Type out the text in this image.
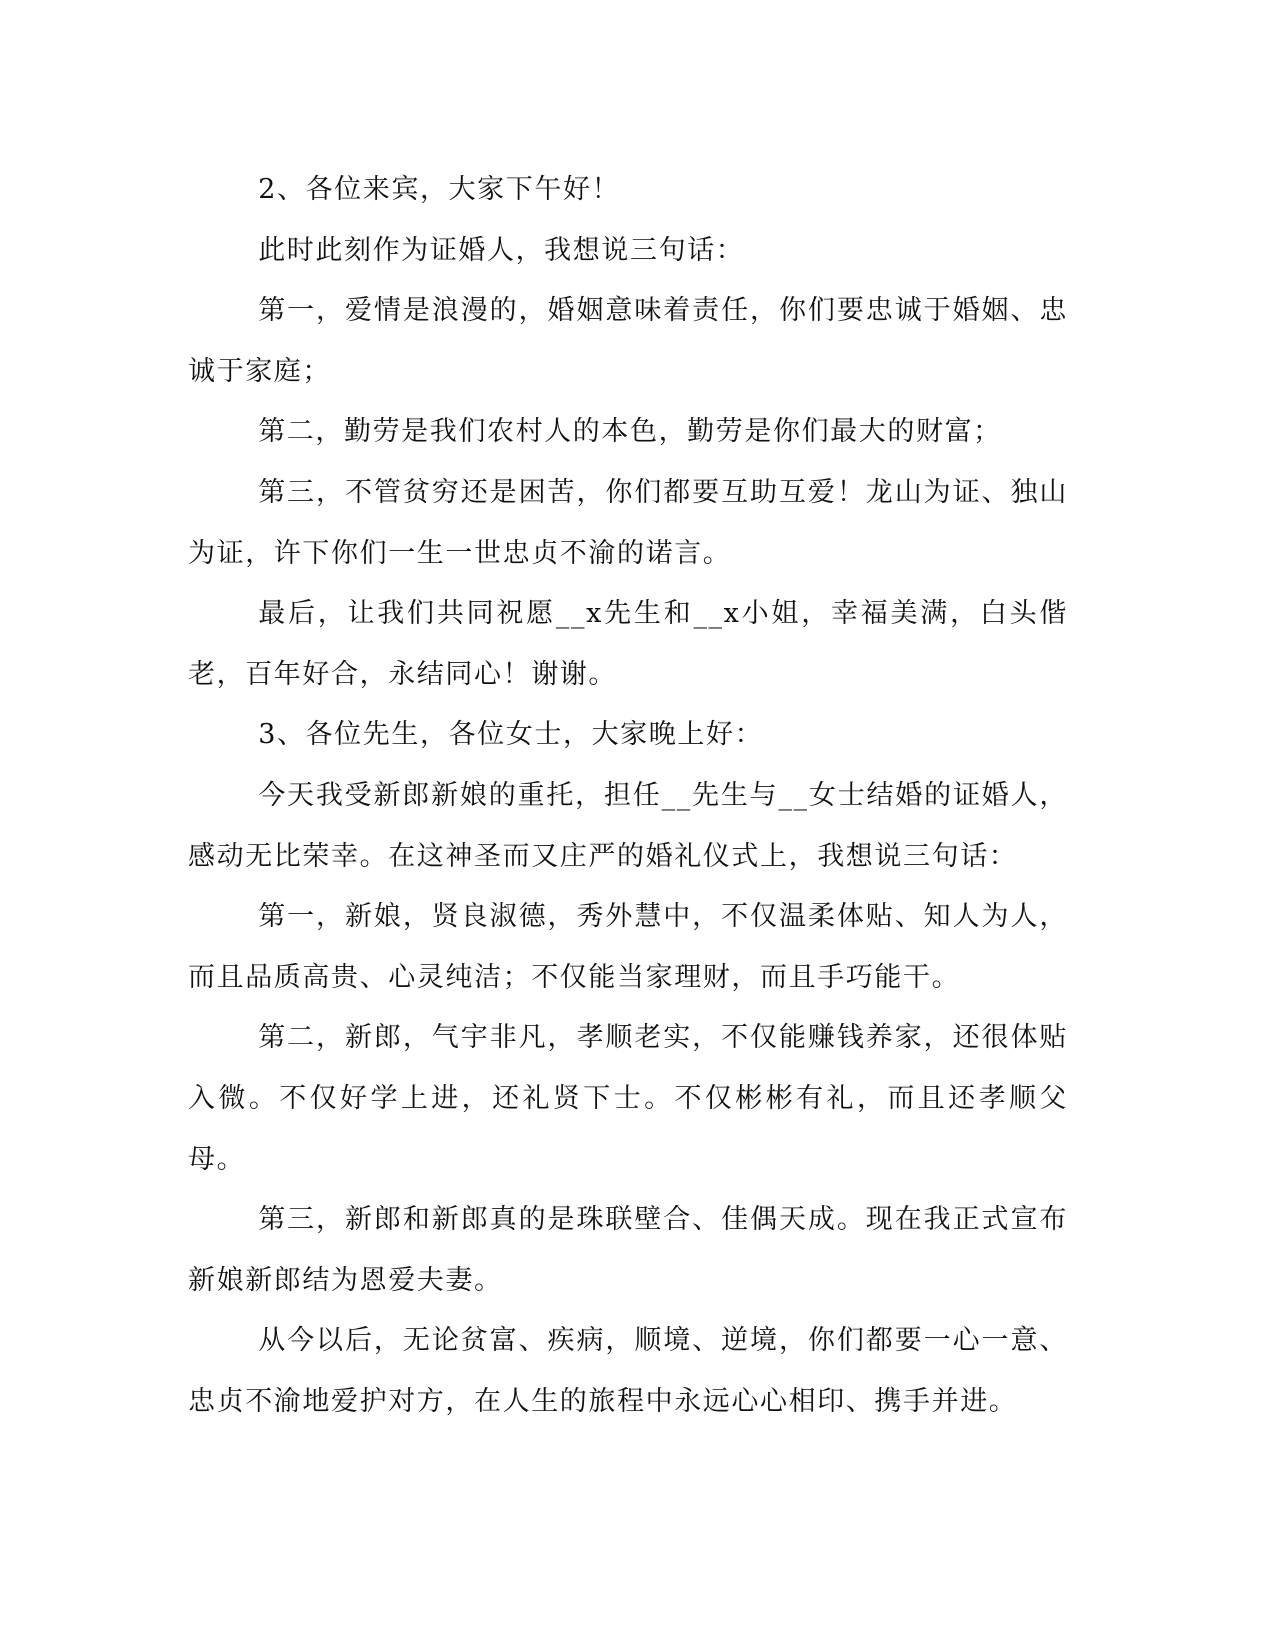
2、各位来宾，大家下午好！

此时此刻作为证婚人，我想说三句话：

第一，爱情是浪漫的，婚姻意味着责任，你们要忠诚于婚姻、忠诚于家庭；

第二，勤劳是我们农村人的本色，勤劳是你们最大的财富；

第三，不管贫穷还是困苦，你们都要互助互爱！龙山为证、独山为证，许下你们一生一世忠贞不渝的诺言。

最后，让我们共同祝愿__x先生和__x小姐，幸福美满，白头偕老，百年好合，永结同心！谢谢。

3、各位先生，各位女士，大家晚上好：

今天我受新郎新娘的重托，担任__先生与__女士结婚的证婚人，感动无比荣幸。在这神圣而又庄严的婚礼仪式上，我想说三句话：

第一，新娘，贤良淑德，秀外慧中，不仅温柔体贴、知人为人，而且品质高贵、心灵纯洁；不仅能当家理财，而且手巧能干。

第二，新郎，气宇非凡，孝顺老实，不仅能赚钱养家，还很体贴入微。不仅好学上进，还礼贤下士。不仅彬彬有礼，而且还孝顺父母。

第三，新郎和新郎真的是珠联壁合、佳偶天成。现在我正式宣布新娘新郎结为恩爱夫妻。

从今以后，无论贫富、疾病，顺境、逆境，你们都要一心一意、忠贞不渝地爱护对方，在人生的旅程中永远心心相印、携手并进。
